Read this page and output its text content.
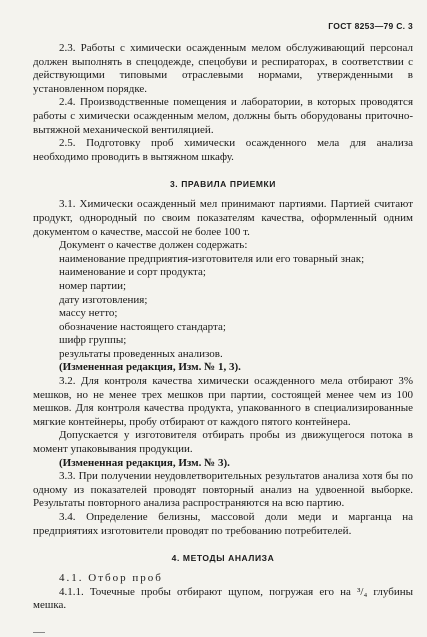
ГОСТ 8253—79 С. 3

2.3. Работы с химически осажденным мелом обслуживающий персонал должен выполнять в спецодежде, спецобуви и респираторах, в соответствии с действующими типовыми отраслевыми нормами, утвержденными в установленном порядке.

2.4. Производственные помещения и лаборатории, в которых проводятся работы с химически осажденным мелом, должны быть оборудованы приточно-вытяжной механической вентиляцией.

2.5. Подготовку проб химически осажденного мела для анализа необходимо проводить в вытяжном шкафу.

3. ПРАВИЛА ПРИЕМКИ

3.1. Химически осажденный мел принимают партиями. Партией считают продукт, однородный по своим показателям качества, оформленный одним документом о качестве, массой не более 100 т.

Документ о качестве должен содержать:

наименование предприятия-изготовителя или его товарный знак;

наименование и сорт продукта;
номер партии;
дату изготовления;
массу нетто;
обозначение настоящего стандарта;
шифр группы;
результаты проведенных анализов.
(Измененная редакция, Изм. № 1, 3).

3.2. Для контроля качества химически осажденного мела отбирают 3% мешков, но не менее трех мешков при партии, состоящей менее чем из 100 мешков. Для контроля качества продукта, упакованного в специализированные мягкие контейнеры, пробу отбирают от каждого пятого контейнера.

Допускается у изготовителя отбирать пробы из движущегося потока в момент упаковывания продукции.

(Измененная редакция, Изм. № 3).

3.3. При получении неудовлетворительных результатов анализа хотя бы по одному из показателей проводят повторный анализ на удвоенной выборке. Результаты повторного анализа распространяются на всю партию.

3.4. Определение белизны, массовой доли меди и марганца на предприятиях изготовители проводят по требованию потребителей.

4. МЕТОДЫ АНАЛИЗА
4.1. Отбор проб

4.1.1. Точечные пробы отбирают щупом, погружая его на ³/₄ глубины мешка.
